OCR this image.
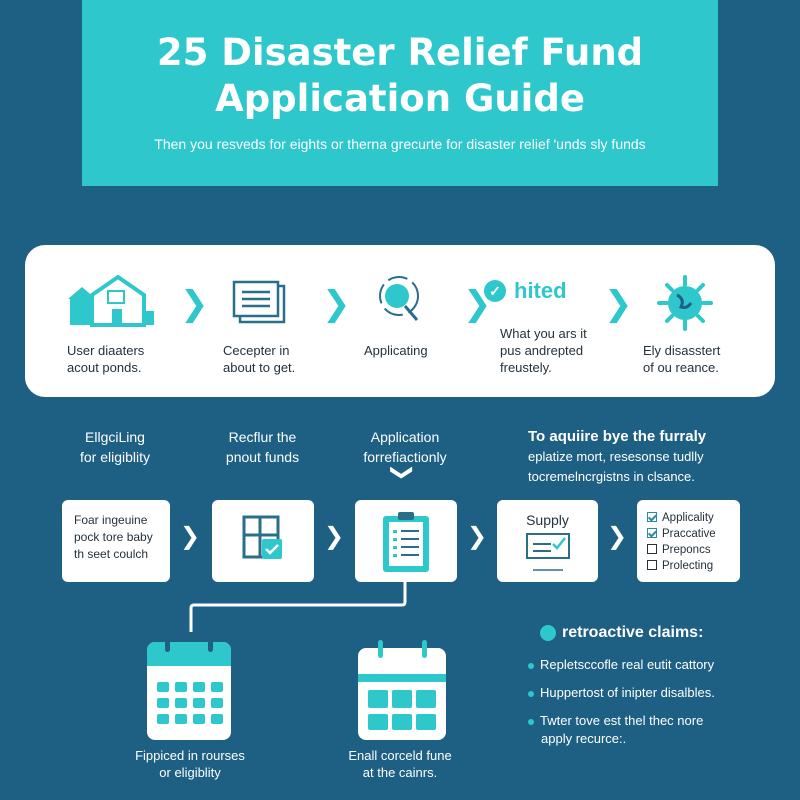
25 Disaster Relief Fund
Application Guide
Then you resveds for eights or therna grecurte for disaster relief 'unds sly funds
✓ hited
❯	❯	❯	❯
User diaaters
acout ponds.
Cecepter in
about to get.
Applicating
What you ars it
pus andrepted
freustely.
Ely disasstert
of ou reance.
EllgciLing
for eligiblity
Recflur the
pnout funds
Application
forrefiactionly
❯
To aquiire bye the furraly
eplatize mort, resesonse tudlly
tocremelncrgistns in clsance.
Foar ingeuine
pock tore baby
th seet coulch
Supply	Applicality
Praccative
Preponcs
Prolecting
❯	❯	❯	❯
Fippiced in rourses
or eligiblity
Enall corceld fune
at the cainrs.
retroactive claims:
Repletsccofle real eutit cattory
Huppertost of inipter disalbles.
Twter tove est thel thec nore
apply recurce:.
